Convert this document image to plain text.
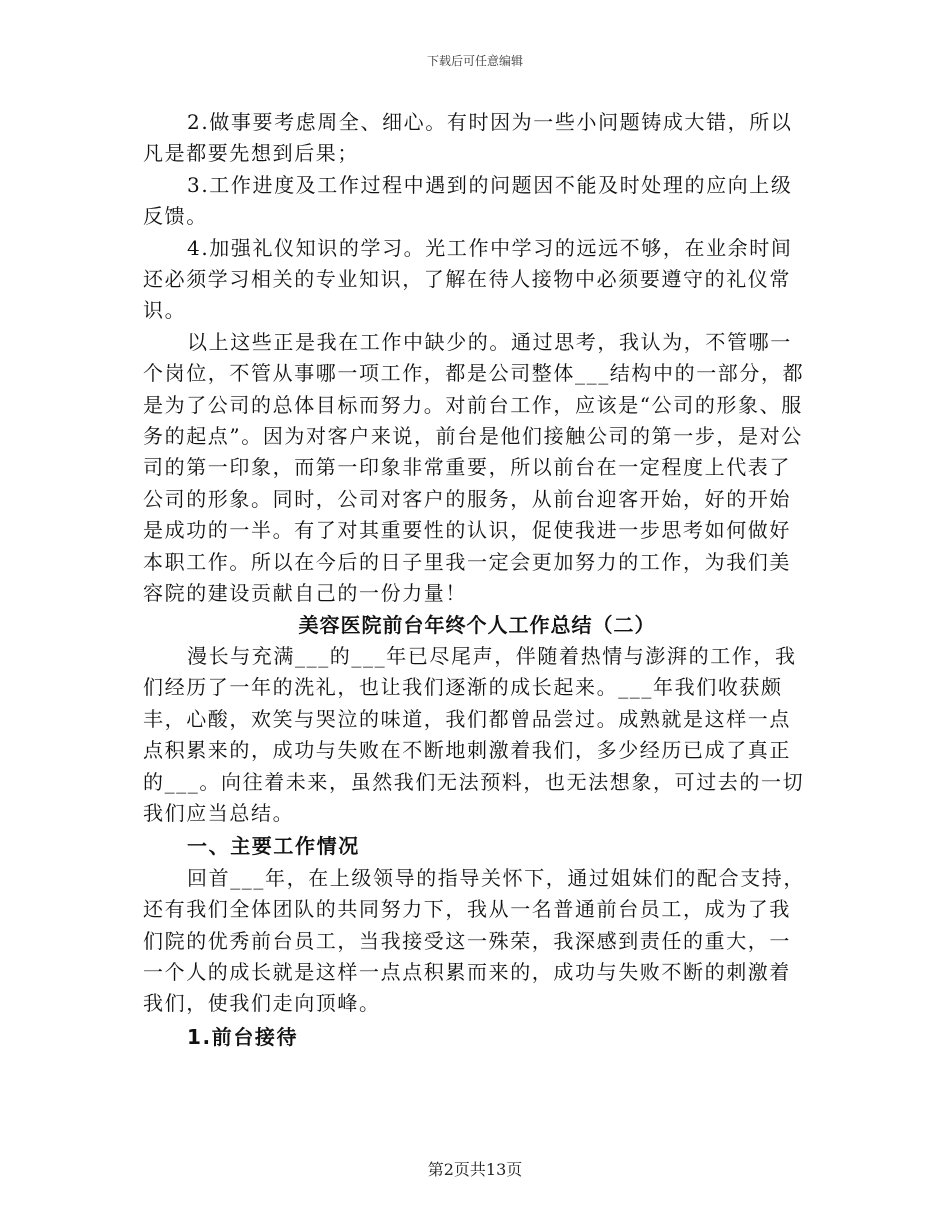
下载后可任意编辑

2.做事要考虑周全、细心。有时因为一些小问题铸成大错，所以凡是都要先想到后果；

3.工作进度及工作过程中遇到的问题因不能及时处理的应向上级反馈。

4.加强礼仪知识的学习。光工作中学习的远远不够，在业余时间还必须学习相关的专业知识，了解在待人接物中必须要遵守的礼仪常识。

以上这些正是我在工作中缺少的。通过思考，我认为，不管哪一个岗位，不管从事哪一项工作，都是公司整体___结构中的一部分，都是为了公司的总体目标而努力。对前台工作，应该是“公司的形象、服务的起点”。因为对客户来说，前台是他们接触公司的第一步，是对公司的第一印象，而第一印象非常重要，所以前台在一定程度上代表了公司的形象。同时，公司对客户的服务，从前台迎客开始，好的开始是成功的一半。有了对其重要性的认识，促使我进一步思考如何做好本职工作。所以在今后的日子里我一定会更加努力的工作，为我们美容院的建设贡献自己的一份力量！

美容医院前台年终个人工作总结（二）

漫长与充满___的___年已尽尾声，伴随着热情与澎湃的工作，我们经历了一年的洗礼，也让我们逐渐的成长起来。___年我们收获颇丰，心酸，欢笑与哭泣的味道，我们都曾品尝过。成熟就是这样一点点积累来的，成功与失败在不断地刺激着我们，多少经历已成了真正的___。向往着未来，虽然我们无法预料，也无法想象，可过去的一切我们应当总结。

一、主要工作情况

回首___年，在上级领导的指导关怀下，通过姐妹们的配合支持，还有我们全体团队的共同努力下，我从一名普通前台员工，成为了我们院的优秀前台员工，当我接受这一殊荣，我深感到责任的重大，一一个人的成长就是这样一点点积累而来的，成功与失败不断的刺激着我们，使我们走向顶峰。

1.前台接待

第2页共13页
